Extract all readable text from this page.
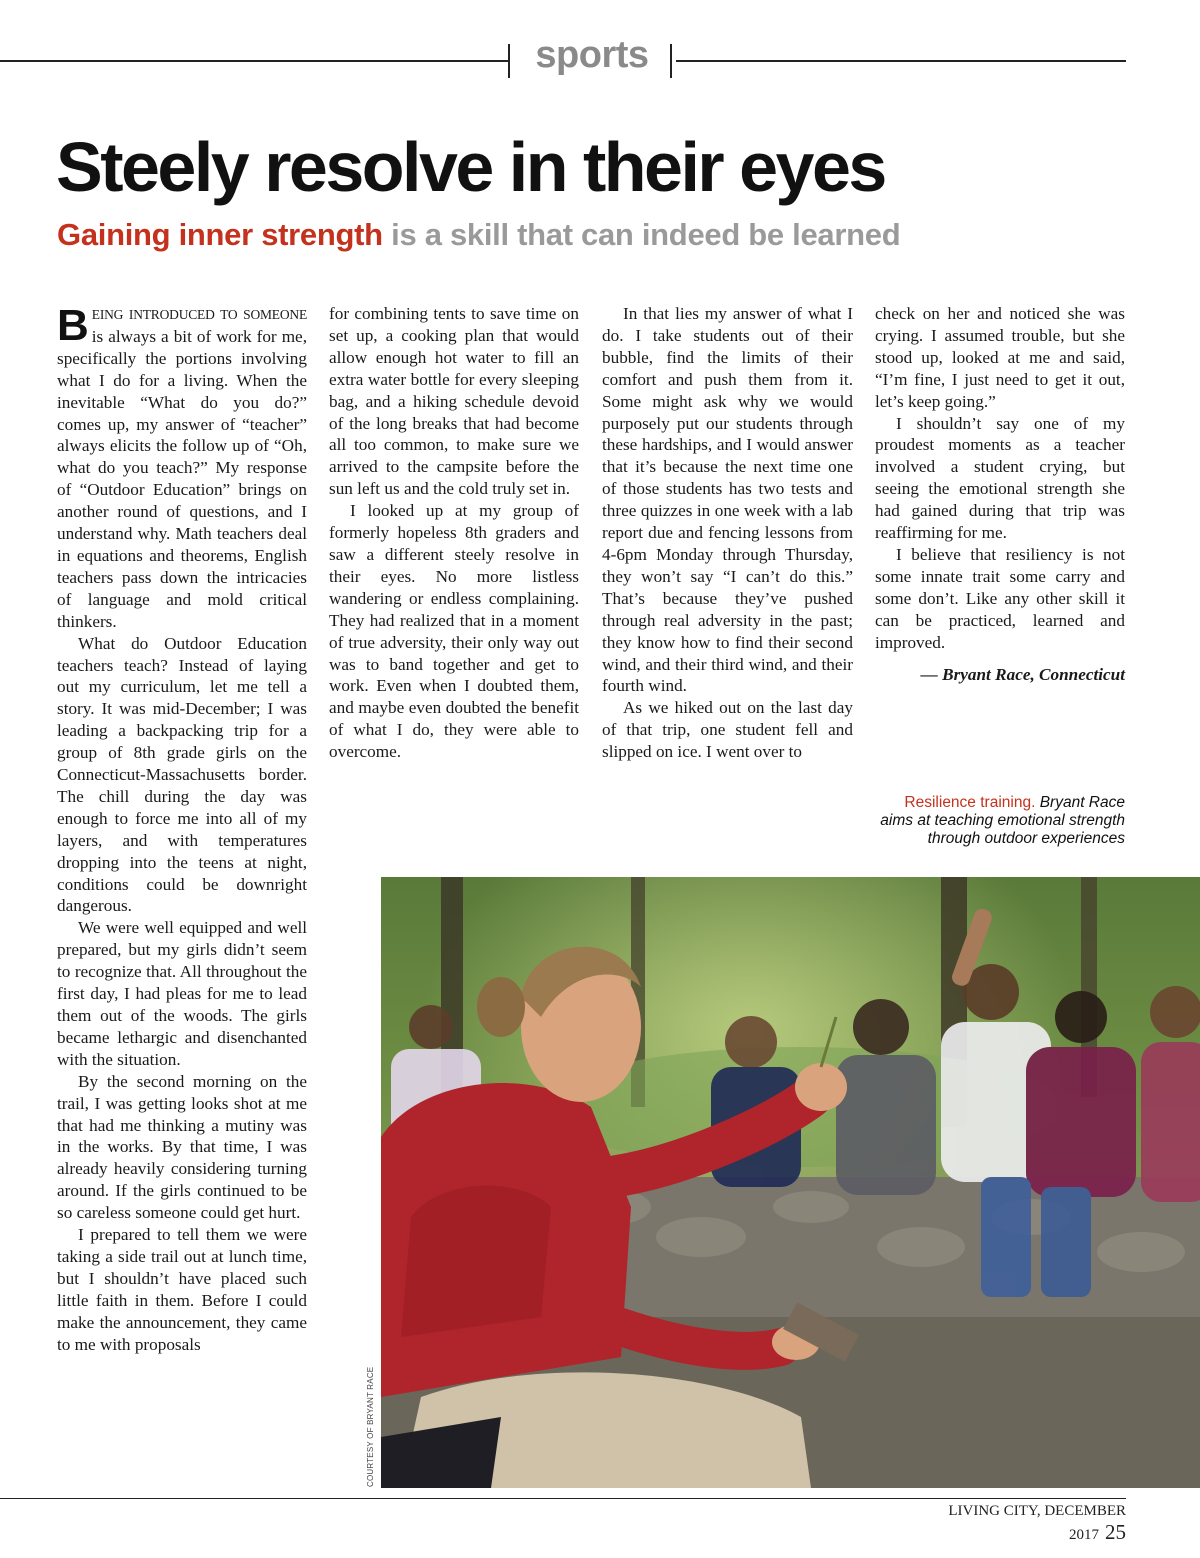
sports
Steely resolve in their eyes
Gaining inner strength is a skill that can indeed be learned

BEING INTRODUCED TO SOMEONE is always a bit of work for me, specifically the portions involving what I do for a living. When the inevitable “What do you do?” comes up, my answer of “teacher” always elicits the follow up of “Oh, what do you teach?” My response of “Outdoor Education” brings on another round of questions, and I understand why. Math teachers deal in equations and theorems, English teachers pass down the intricacies of language and mold critical thinkers.

What do Outdoor Education teachers teach? Instead of laying out my curriculum, let me tell a story. It was mid-December; I was leading a backpacking trip for a group of 8th grade girls on the Connecticut-Massachusetts border. The chill during the day was enough to force me into all of my layers, and with temperatures dropping into the teens at night, conditions could be downright dangerous.

We were well equipped and well prepared, but my girls didn’t seem to recognize that. All throughout the first day, I had pleas for me to lead them out of the woods. The girls became lethargic and disenchanted with the situation.

By the second morning on the trail, I was getting looks shot at me that had me thinking a mutiny was in the works. By that time, I was already heavily considering turning around. If the girls continued to be so careless someone could get hurt.

I prepared to tell them we were taking a side trail out at lunch time, but I shouldn’t have placed such little faith in them. Before I could make the announcement, they came to me with proposals

for combining tents to save time on set up, a cooking plan that would allow enough hot water to fill an extra water bottle for every sleeping bag, and a hiking schedule devoid of the long breaks that had become all too common, to make sure we arrived to the campsite before the sun left us and the cold truly set in.

I looked up at my group of formerly hopeless 8th graders and saw a different steely resolve in their eyes. No more listless wandering or endless complaining. They had realized that in a moment of true adversity, their only way out was to band together and get to work. Even when I doubted them, and maybe even doubted the benefit of what I do, they were able to overcome.

In that lies my answer of what I do. I take students out of their bubble, find the limits of their comfort and push them from it. Some might ask why we would purposely put our students through these hardships, and I would answer that it’s because the next time one of those students has two tests and three quizzes in one week with a lab report due and fencing lessons from 4-6pm Monday through Thursday, they won’t say “I can’t do this.” That’s because they’ve pushed through real adversity in the past; they know how to find their second wind, and their third wind, and their fourth wind.

As we hiked out on the last day of that trip, one student fell and slipped on ice. I went over to

check on her and noticed she was crying. I assumed trouble, but she stood up, looked at me and said, “I’m fine, I just need to get it out, let’s keep going.”

I shouldn’t say one of my proudest moments as a teacher involved a student crying, but seeing the emotional strength she had gained during that trip was reaffirming for me.

I believe that resiliency is not some innate trait some carry and some don’t. Like any other skill it can be practiced, learned and improved.

— Bryant Race, Connecticut

Resilience training. Bryant Race aims at teaching emotional strength through outdoor experiences
COURTESY OF BRYANT RACE
LIVING CITY, DECEMBER 2017 25
